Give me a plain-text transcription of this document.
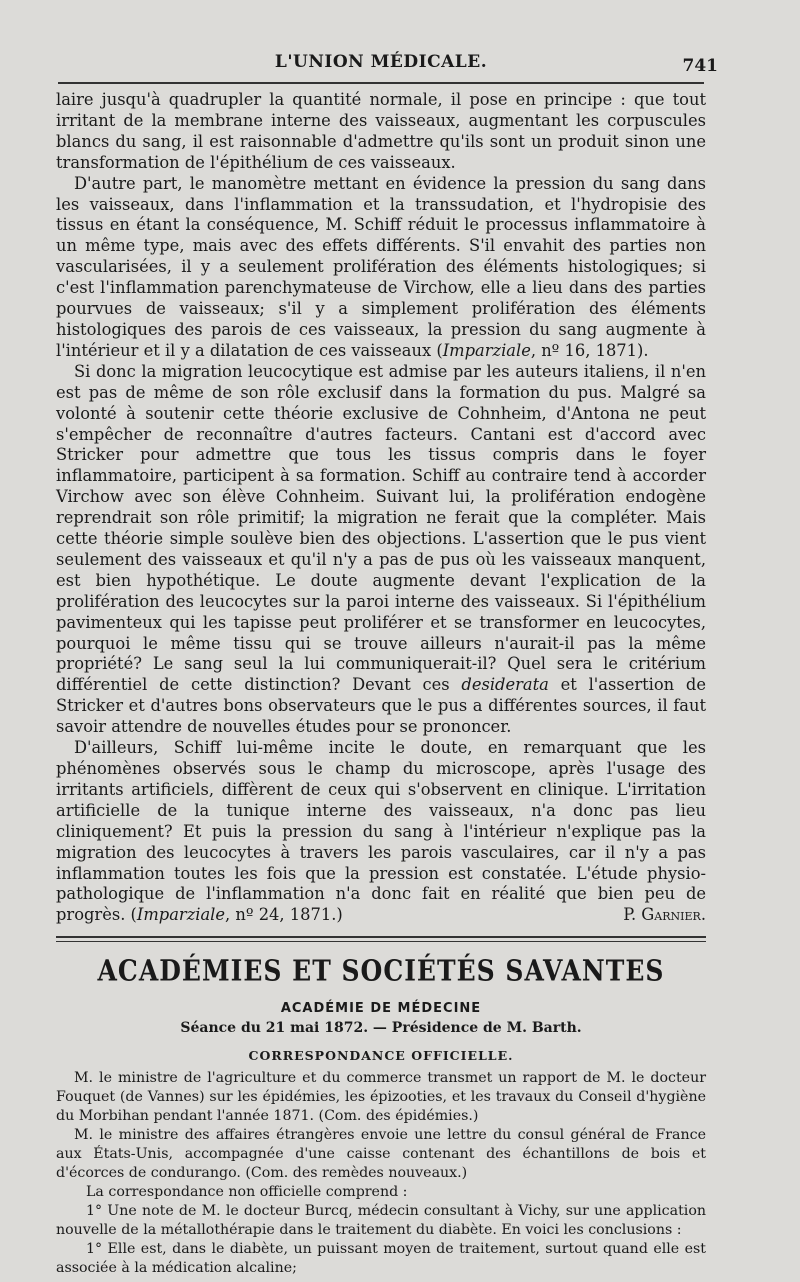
L'UNION MÉDICALE.	741

laire jusqu'à quadrupler la quantité normale, il pose en principe : que tout irritant de la membrane interne des vaisseaux, augmentant les corpuscules blancs du sang, il est raisonnable d'admettre qu'ils sont un produit sinon une transformation de l'épithélium de ces vaisseaux.

D'autre part, le manomètre mettant en évidence la pression du sang dans les vaisseaux, dans l'inflammation et la transsudation, et l'hydropisie des tissus en étant la conséquence, M. Schiff réduit le processus inflammatoire à un même type, mais avec des effets différents. S'il envahit des parties non vascularisées, il y a seulement prolifération des éléments histologiques; si c'est l'inflammation parenchymateuse de Virchow, elle a lieu dans des parties pourvues de vaisseaux; s'il y a simplement prolifération des éléments histologiques des parois de ces vaisseaux, la pression du sang augmente à l'intérieur et il y a dilatation de ces vaisseaux (Imparziale, nº 16, 1871).

Si donc la migration leucocytique est admise par les auteurs italiens, il n'en est pas de même de son rôle exclusif dans la formation du pus. Malgré sa volonté à soutenir cette théorie exclusive de Cohnheim, d'Antona ne peut s'empêcher de reconnaître d'autres facteurs. Cantani est d'accord avec Stricker pour admettre que tous les tissus compris dans le foyer inflammatoire, participent à sa formation. Schiff au contraire tend à accorder Virchow avec son élève Cohnheim. Suivant lui, la prolifération endogène reprendrait son rôle primitif; la migration ne ferait que la compléter. Mais cette théorie simple soulève bien des objections. L'assertion que le pus vient seulement des vaisseaux et qu'il n'y a pas de pus où les vaisseaux manquent, est bien hypothétique. Le doute augmente devant l'explication de la prolifération des leucocytes sur la paroi interne des vaisseaux. Si l'épithélium pavimenteux qui les tapisse peut proliférer et se transformer en leucocytes, pourquoi le même tissu qui se trouve ailleurs n'aurait-il pas la même propriété? Le sang seul la lui communiquerait-il? Quel sera le critérium différentiel de cette distinction? Devant ces desiderata et l'assertion de Stricker et d'autres bons observateurs que le pus a différentes sources, il faut savoir attendre de nouvelles études pour se prononcer.

D'ailleurs, Schiff lui-même incite le doute, en remarquant que les phénomènes observés sous le champ du microscope, après l'usage des irritants artificiels, diffèrent de ceux qui s'observent en clinique. L'irritation artificielle de la tunique interne des vaisseaux, n'a donc pas lieu cliniquement? Et puis la pression du sang à l'intérieur n'explique pas la migration des leucocytes à travers les parois vasculaires, car il n'y a pas inflammation toutes les fois que la pression est constatée. L'étude physio-pathologique de l'inflammation n'a donc fait en réalité que bien peu de progrès. (Imparziale, nº 24, 1871.)	P. Garnier.

ACADÉMIES ET SOCIÉTÉS SAVANTES
ACADÉMIE DE MÉDECINE
Séance du 21 mai 1872. — Présidence de M. Barth.
CORRESPONDANCE OFFICIELLE.

M. le ministre de l'agriculture et du commerce transmet un rapport de M. le docteur Fouquet (de Vannes) sur les épidémies, les épizooties, et les travaux du Conseil d'hygiène du Morbihan pendant l'année 1871. (Com. des épidémies.)

M. le ministre des affaires étrangères envoie une lettre du consul général de France aux États-Unis, accompagnée d'une caisse contenant des échantillons de bois et d'écorces de condurango. (Com. des remèdes nouveaux.)

La correspondance non officielle comprend :

1° Une note de M. le docteur Burcq, médecin consultant à Vichy, sur une application nouvelle de la métallothérapie dans le traitement du diabète. En voici les conclusions :

1° Elle est, dans le diabète, un puissant moyen de traitement, surtout quand elle est associée à la médication alcaline;
